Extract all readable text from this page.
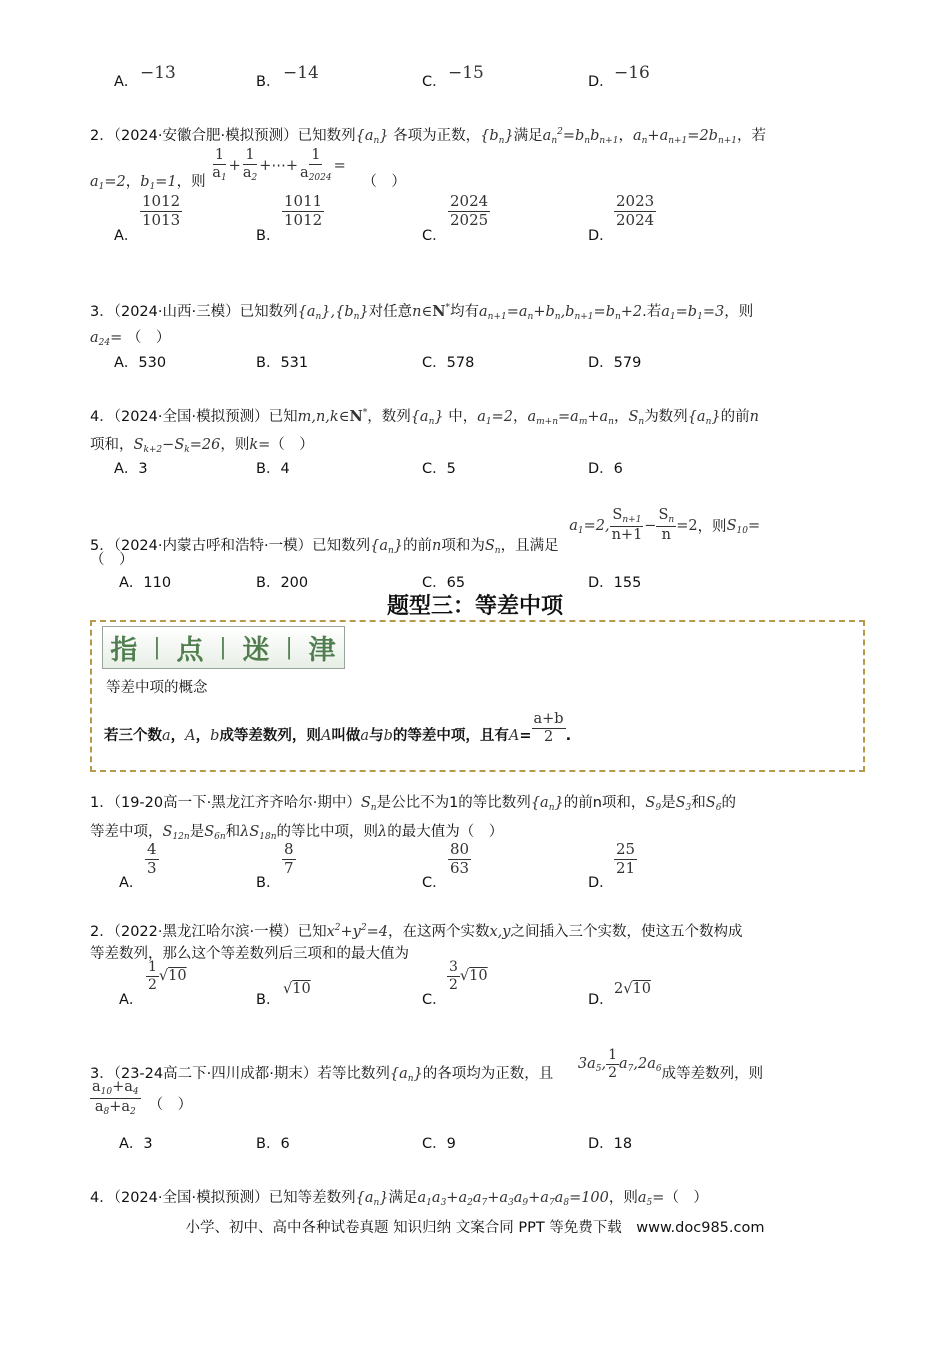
A． −13	B． −14	C． −15	D． −16
2．（2024·安徽合肥·模拟预测）已知数列$\{a_n\}$ 各项为正数，$\{b_n\}$满足$a_n^2=b_nb_{n+1}$，$a_n+a_{n+1}=2b_{n+1}$，若
$a_1=2$，$b_1=1$，则 $\frac{1}{a_1} + \frac{1}{a_2}$ +⋯+ $\frac{1}{a_{2024}}$ = （　）
A．
$\frac{1012}{1013}$
B．
$\frac{1011}{1012}$
C．
$\frac{2024}{2025}$
D．
$\frac{2023}{2024}$
3．（2024·山西·三模）已知数列$\{a_n\},\{b_n\}$对任意n∈N*均有$a_{n+1}=a_n+b_n,b_{n+1}=b_n+2$.若$a_1=b_1=3$，则
$a_{24}=$ （　）
A．530	B．531	C．578	D．579
4．（2024·全国·模拟预测）已知m,n,k∈N*，数列$\{a_n\}$ 中，$a_1=2$，$a_{m+n}=a_m+a_n$，$S_n$为数列$\{a_n\}$的前n
项和，$S_{k+2}-S_k=26$，则k=（　）
A．3	B．4	C．5	D．6
5．（2024·内蒙古呼和浩特·一模）已知数列$\{a_n\}$的前n项和为$S_n$，且满足 $a_1=2$, $\frac{S_{n+1}}{n+1} - \frac{S_n}{n} =2$，则$S_{10}=$
（　）
A．110	B．200	C．65	D．155
题型三：等差中项
指 | 点 | 迷 | 津
等差中项的概念
若三个数a，A，b成等差数列，则A叫做a与b的等差中项，且有$A= \frac{a+b}{2}$ .
1．（19-20高一下·黑龙江齐齐哈尔·期中）$S_n$是公比不为1的等比数列$\{a_n\}$的前n项和，$S_9$是$S_3$和$S_6$的
等差中项，$S_{12n}$是$S_{6n}$和$\lambda S_{18n}$的等比中项，则λ的最大值为（　）
A．
$\frac{4}{3}$
B．
$\frac{8}{7}$
C．
$\frac{80}{63}$
D．
$\frac{25}{21}$
2．（2022·黑龙江哈尔滨·一模）已知$x^2+y^2=4$，在这两个实数x,y之间插入三个实数，使这五个数构成
等差数列，那么这个等差数列后三项和的最大值为
A．
$\frac{1}{2} √10$
B．
√10
C．
$\frac{3}{2} √10$
D．
2√10
3．（23-24高二下·四川成都·期末）若等比数列$\{a_n\}$的各项均为正数，且 $3a_5$, $\frac{1}{2} a_7,2a_6$成等差数列，则
$\frac{a_{10}+a_4}{a_8+a_2}$ （　）
A．3	B．6	C．9	D．18
4．（2024·全国·模拟预测）已知等差数列$\{a_n\}$满足$a_1a_3+a_2a_7+a_3a_9+a_7a_8=100$，则$a_5=$（　）
小学、初中、高中各种试卷真题 知识归纳 文案合同 PPT 等免费下载　www.doc985.com
